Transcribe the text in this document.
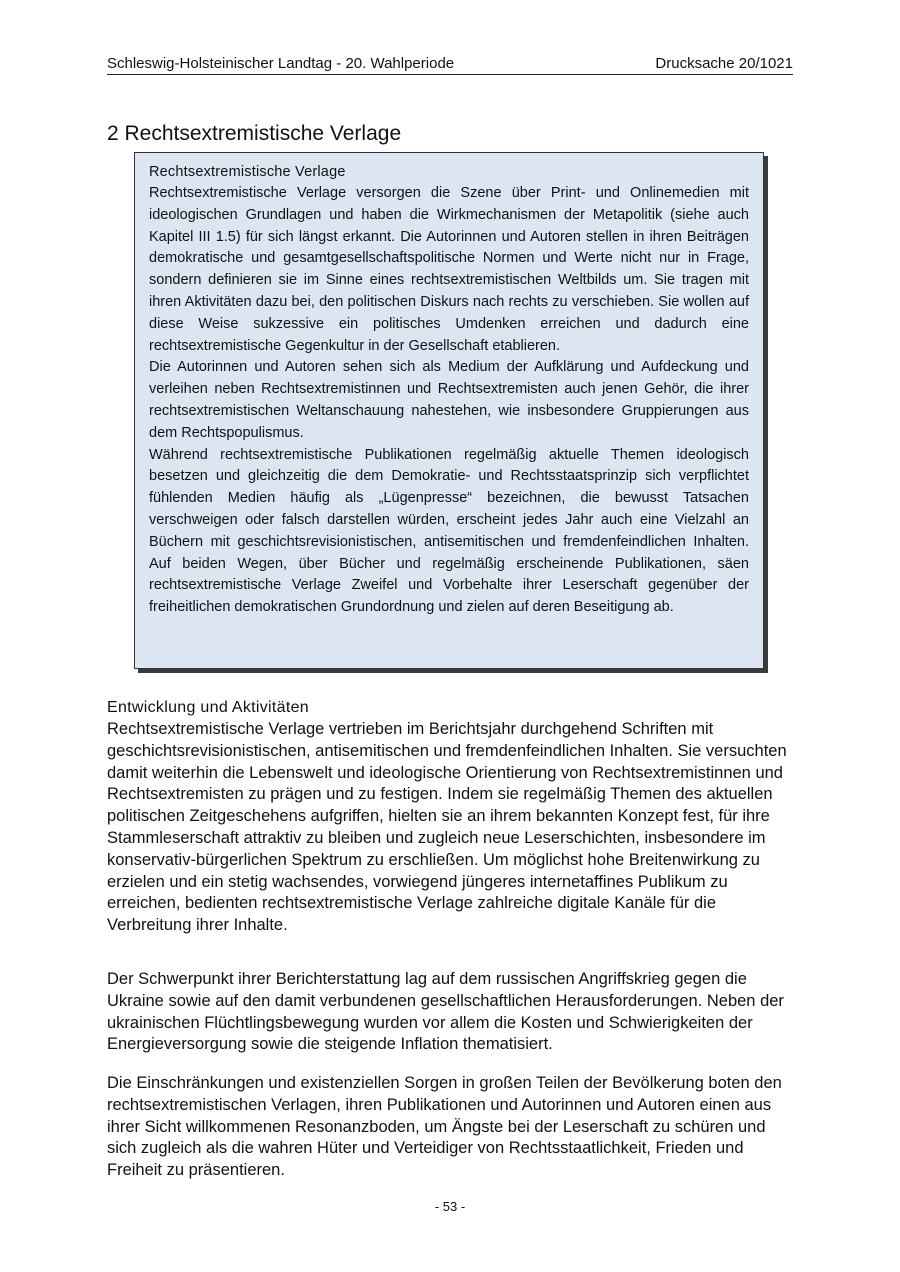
Schleswig-Holsteinischer Landtag - 20. Wahlperiode	Drucksache 20/1021
2 Rechtsextremistische Verlage
Rechtsextremistische Verlage

Rechtsextremistische Verlage versorgen die Szene über Print- und Onlinemedien mit ideologischen Grundlagen und haben die Wirkmechanismen der Metapolitik (siehe auch Kapitel III 1.5) für sich längst erkannt. Die Autorinnen und Autoren stellen in ihren Beiträgen demokratische und gesamtgesellschaftspolitische Normen und Werte nicht nur in Frage, sondern definieren sie im Sinne eines rechtsextremistischen Weltbilds um. Sie tragen mit ihren Aktivitäten dazu bei, den politischen Diskurs nach rechts zu verschieben. Sie wollen auf diese Weise sukzessive ein politisches Umdenken erreichen und dadurch eine rechtsextremistische Gegenkultur in der Gesellschaft etablieren.

Die Autorinnen und Autoren sehen sich als Medium der Aufklärung und Aufdeckung und verleihen neben Rechtsextremistinnen und Rechtsextremisten auch jenen Gehör, die ihrer rechtsextremistischen Weltanschauung nahestehen, wie insbesondere Gruppierungen aus dem Rechtspopulismus.

Während rechtsextremistische Publikationen regelmäßig aktuelle Themen ideologisch besetzen und gleichzeitig die dem Demokratie- und Rechtsstaatsprinzip sich verpflichtet fühlenden Medien häufig als „Lügenpresse“ bezeichnen, die bewusst Tatsachen verschweigen oder falsch darstellen würden, erscheint jedes Jahr auch eine Vielzahl an Büchern mit geschichtsrevisionistischen, antisemitischen und fremdenfeindlichen Inhalten. Auf beiden Wegen, über Bücher und regelmäßig erscheinende Publikationen, säen rechtsextremistische Verlage Zweifel und Vorbehalte ihrer Leserschaft gegenüber der freiheitlichen demokratischen Grundordnung und zielen auf deren Beseitigung ab.

Entwicklung und Aktivitäten

Rechtsextremistische Verlage vertrieben im Berichtsjahr durchgehend Schriften mit geschichtsrevisionistischen, antisemitischen und fremdenfeindlichen Inhalten. Sie versuchten damit weiterhin die Lebenswelt und ideologische Orientierung von Rechtsextremistinnen und Rechtsextremisten zu prägen und zu festigen. Indem sie regelmäßig Themen des aktuellen politischen Zeitgeschehens aufgriffen, hielten sie an ihrem bekannten Konzept fest, für ihre Stammleserschaft attraktiv zu bleiben und zugleich neue Leserschichten, insbesondere im konservativ-bürgerlichen Spektrum zu erschließen. Um möglichst hohe Breitenwirkung zu erzielen und ein stetig wachsendes, vorwiegend jüngeres internetaffines Publikum zu erreichen, bedienten rechtsextremistische Verlage zahlreiche digitale Kanäle für die Verbreitung ihrer Inhalte.

Der Schwerpunkt ihrer Berichterstattung lag auf dem russischen Angriffskrieg gegen die Ukraine sowie auf den damit verbundenen gesellschaftlichen Herausforderungen. Neben der ukrainischen Flüchtlingsbewegung wurden vor allem die Kosten und Schwierigkeiten der Energieversorgung sowie die steigende Inflation thematisiert.

Die Einschränkungen und existenziellen Sorgen in großen Teilen der Bevölkerung boten den rechtsextremistischen Verlagen, ihren Publikationen und Autorinnen und Autoren einen aus ihrer Sicht willkommenen Resonanzboden, um Ängste bei der Leserschaft zu schüren und sich zugleich als die wahren Hüter und Verteidiger von Rechtsstaatlichkeit, Frieden und Freiheit zu präsentieren.

- 53 -
